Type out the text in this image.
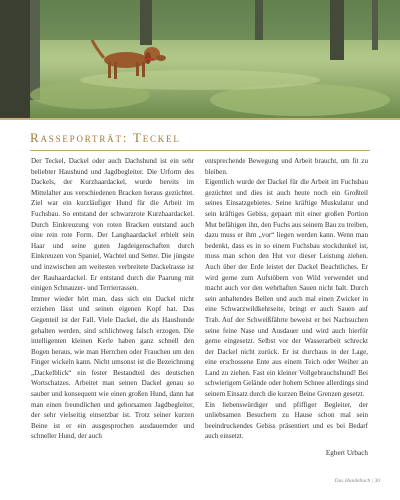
Rasseporträt: Teckel

Der Teckel, Dackel oder auch Dachshund ist ein sehr beliebter Haushund und Jagdbegleiter. Die Urform des Dackels, der Kurzhaardackel, wurde bereits im Mittelalter aus verschiedenen Bracken heraus gezüchtet. Ziel war ein kurzläufiger Hund für die Arbeit im Fuchsbau. So entstand der schwarzrote Kurzhaardackel. Durch Einkreuzung von roten Bracken entstand auch eine rein rote Form. Der Langhaardackel erhielt sein Haar und seine guten Jagdeigenschaften durch Einkreuzen von Spaniel, Wachtel und Setter. Die jüngste und inzwischen am weitesten verbreitete Dackelrasse ist der Rauhaardackel. Er entstand durch die Paarung mit einigen Schnauzer- und Terrierrassen.

Immer wieder hört man, dass sich ein Dackel nicht erziehen lässt und seinen eigenen Kopf hat. Das Gegenteil ist der Fall. Viele Dackel, die als Haushunde gehalten werden, sind schlichtweg falsch erzogen. Die intelligenten kleinen Kerle haben ganz schnell den Bogen heraus, wie man Herrchen oder Frauchen um den Finger wickeln kann. Nicht umsonst ist die Bezeichnung „Dackelblick“ ein fester Bestandteil des deutschen Wortschatzes. Arbeitet man seinen Dackel genau so sauber und konsequent wie einen großen Hund, dann hat man einen freundlichen und gehorsamen Jagdbegleiter, der sehr vielseitig einsetzbar ist. Trotz seiner kurzen Beine ist er ein ausgesprochen ausdauernder und schneller Hund, der auch

entsprechende Bewegung und Arbeit braucht, um fit zu bleiben.

Eigentlich wurde der Dackel für die Arbeit im Fuchsbau gezüchtet und dies ist auch heute noch ein Großteil seines Einsatzgebietes. Seine kräftige Muskulatur und sein kräftiges Gebiss, gepaart mit einer großen Portion Mut befähigen ihn, den Fuchs aus seinem Bau zu treiben, dazu muss er ihm „vor“ liegen werden kann. Wenn man bedenkt, dass es in so einem Fuchsbau stockdunkel ist, muss man schon den Hut vor dieser Leistung ziehen. Auch über der Erde leistet der Dackel Beachtliches. Er wird gerne zum Aufstöbern von Wild verwendet und macht auch vor den wehrhaften Sauen nicht halt. Durch sein anhaltendes Bellen und auch mal einen Zwicker in eine Schwarzwildkehrseite, bringt er auch Sauen auf Trab. Auf der Schweißfährte beweist er bei Nachsuchen seine feine Nase und Ausdauer und wird auch hierfür gerne eingesetzt. Selbst vor der Wasserarbeit schreckt der Dackel nicht zurück. Er ist durchaus in der Lage, eine erschossene Ente aus einem Teich oder Weiher an Land zu ziehen. Fast ein kleiner Vollgebrauchshund! Bei schwierigem Gelände oder hohem Schnee allerdings sind seinem Einsatz durch die kurzen Beine Grenzen gesetzt.

Ein liebenswürdiger und pfiffiger Begleiter, der unliebsamen Besuchern zu Hause schon mal sein beeindruckendes Gebiss präsentiert und es bei Bedarf auch einsetzt.

Egbert Urbach
Das Hundebuch | 30
